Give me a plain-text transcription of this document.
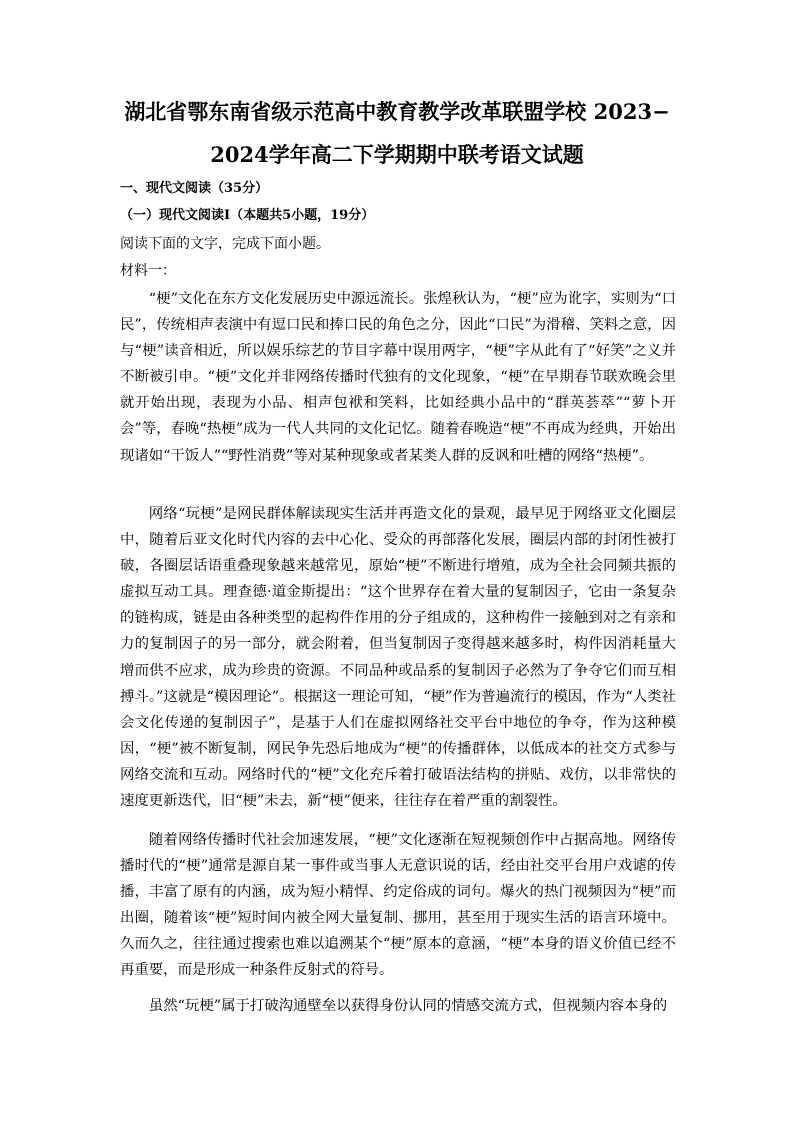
湖北省鄂东南省级示范高中教育教学改革联盟学校 2023−
2024学年高二下学期期中联考语文试题
一、现代文阅读（35分）
（一）现代文阅读Ⅰ（本题共5小题，19分）
阅读下面的文字，完成下面小题。
材料一：
“梗”文化在东方文化发展历史中源远流长。张煌秋认为，“梗”应为讹字，实则为“口民”，传统相声表演中有逗口民和捧口民的角色之分，因此“口民”为滑稽、笑料之意，因与“梗”读音相近，所以娱乐综艺的节目字幕中误用两字，“梗”字从此有了“好笑”之义并不断被引申。“梗”文化并非网络传播时代独有的文化现象，“梗”在早期春节联欢晚会里就开始出现，表现为小品、相声包袱和笑料，比如经典小品中的“群英荟萃”“萝卜开会”等，春晚“热梗”成为一代人共同的文化记忆。随着春晚造“梗”不再成为经典，开始出现诸如“干饭人”“野性消费”等对某种现象或者某类人群的反讽和吐槽的网络“热梗”。
网络“玩梗”是网民群体解读现实生活并再造文化的景观，最早见于网络亚文化圈层中，随着后亚文化时代内容的去中心化、受众的再部落化发展，圈层内部的封闭性被打破，各圈层话语重叠现象越来越常见，原始“梗”不断进行增殖，成为全社会同频共振的虚拟互动工具。理查德·道金斯提出：“这个世界存在着大量的复制因子，它由一条复杂的链构成，链是由各种类型的起构件作用的分子组成的，这种构件一接触到对之有亲和力的复制因子的另一部分，就会附着，但当复制因子变得越来越多时，构件因消耗量大增而供不应求，成为珍贵的资源。不同品种或品系的复制因子必然为了争夺它们而互相搏斗。”这就是“模因理论”。根据这一理论可知，“梗”作为普遍流行的模因，作为“人类社会文化传递的复制因子”，是基于人们在虚拟网络社交平台中地位的争夺，作为这种模因，“梗”被不断复制，网民争先恐后地成为“梗”的传播群体，以低成本的社交方式参与网络交流和互动。网络时代的“梗”文化充斥着打破语法结构的拼贴、戏仿，以非常快的速度更新迭代，旧“梗”未去，新“梗”便来，往往存在着严重的割裂性。
随着网络传播时代社会加速发展，“梗”文化逐渐在短视频创作中占据高地。网络传播时代的“梗”通常是源自某一事件或当事人无意识说的话，经由社交平台用户戏谑的传播，丰富了原有的内涵，成为短小精悍、约定俗成的词句。爆火的热门视频因为“梗”而出圈，随着该“梗”短时间内被全网大量复制、挪用，甚至用于现实生活的语言环境中。久而久之，往往通过搜索也难以追溯某个“梗”原本的意涵，“梗”本身的语义价值已经不再重要，而是形成一种条件反射式的符号。
虽然“玩梗”属于打破沟通壁垒以获得身份认同的情感交流方式，但视频内容本身的
